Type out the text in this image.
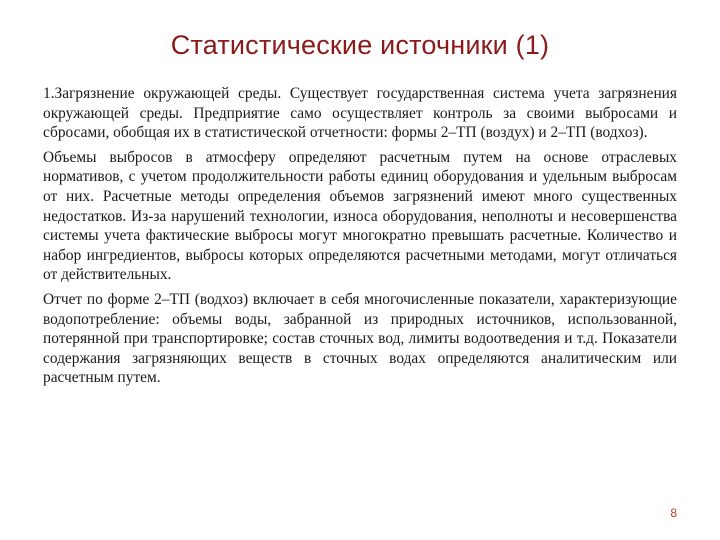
Статистические источники (1)

1.Загрязнение окружающей среды. Существует государственная система учета загрязнения окружающей среды. Предприятие само осуществляет контроль за своими выбросами и сбросами, обобщая их в статистической отчетности: формы 2–ТП (воздух) и 2–ТП (водхоз).

Объемы выбросов в атмосферу определяют расчетным путем на основе отраслевых нормативов, с учетом продолжительности работы единиц оборудования и удельным выбросам от них. Расчетные методы определения объемов загрязнений имеют много существенных недостатков. Из-за нарушений технологии, износа оборудования, неполноты и несовершенства системы учета фактические выбросы могут многократно превышать расчетные. Количество и набор ингредиентов, выбросы которых определяются расчетными методами, могут отличаться от действительных.

Отчет по форме 2–ТП (водхоз) включает в себя многочисленные показатели, характеризующие водопотребление: объемы воды, забранной из природных источников, использованной, потерянной при транспортировке; состав сточных вод, лимиты водоотведения и т.д. Показатели содержания загрязняющих веществ в сточных водах определяются аналитическим или расчетным путем.

8
